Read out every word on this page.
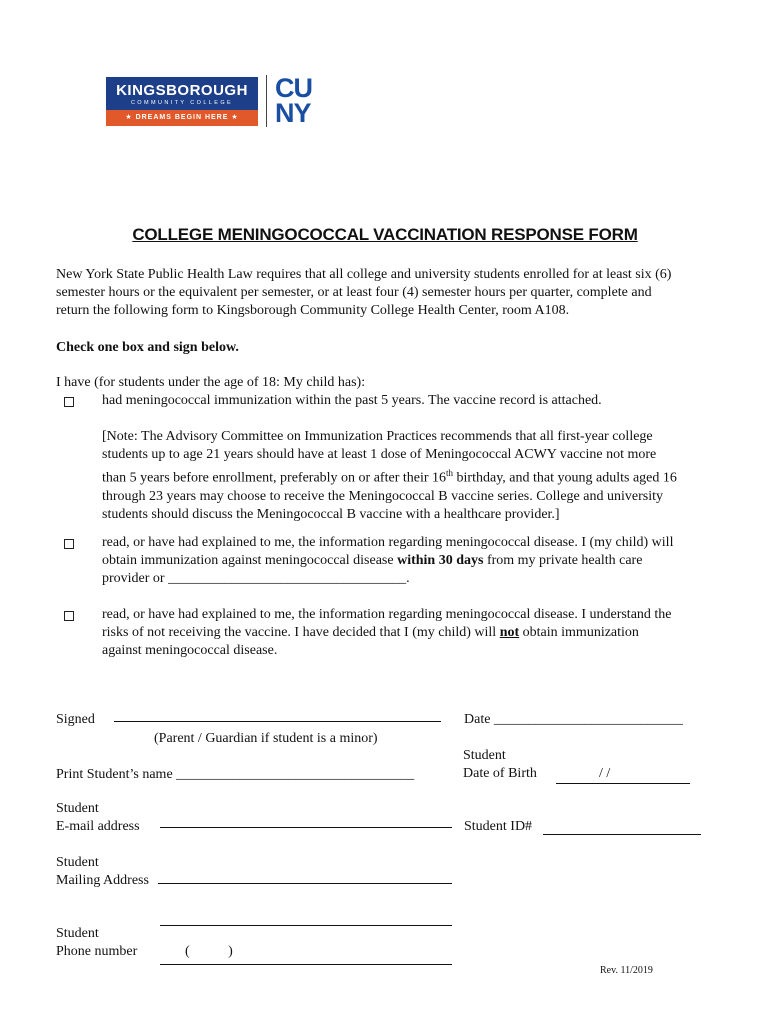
KINGSBOROUGH
COMMUNITY COLLEGE
★ DREAMS BEGIN HERE ★
CU
NY
COLLEGE MENINGOCOCCAL VACCINATION RESPONSE FORM
New York State Public Health Law requires that all college and university students enrolled for at least six (6)
semester hours or the equivalent per semester, or at least four (4) semester hours per quarter, complete and
return the following form to Kingsborough Community College Health Center, room A108.
Check one box and sign below.
I have (for students under the age of 18: My child has):
had meningococcal immunization within the past 5 years. The vaccine record is attached.
[Note: The Advisory Committee on Immunization Practices recommends that all first-year college
students up to age 21 years should have at least 1 dose of Meningococcal ACWY vaccine not more
than 5 years before enrollment, preferably on or after their 16th birthday, and that young adults aged 16
through 23 years may choose to receive the Meningococcal B vaccine series. College and university
students should discuss the Meningococcal B vaccine with a healthcare provider.]
read, or have had explained to me, the information regarding meningococcal disease. I (my child) will
obtain immunization against meningococcal disease within 30 days from my private health care
provider or __________________________________.
read, or have had explained to me, the information regarding meningococcal disease. I understand the
risks of not receiving the vaccine. I have decided that I (my child) will not obtain immunization
against meningococcal disease.
Signed
(Parent / Guardian if student is a minor)
Date ___________________________
Print Student’s name __________________________________
Student
Date of Birth	/ /
Student
E-mail address	Student ID#
Student
Mailing Address
Student
Phone number	(           )
Rev. 11/2019
